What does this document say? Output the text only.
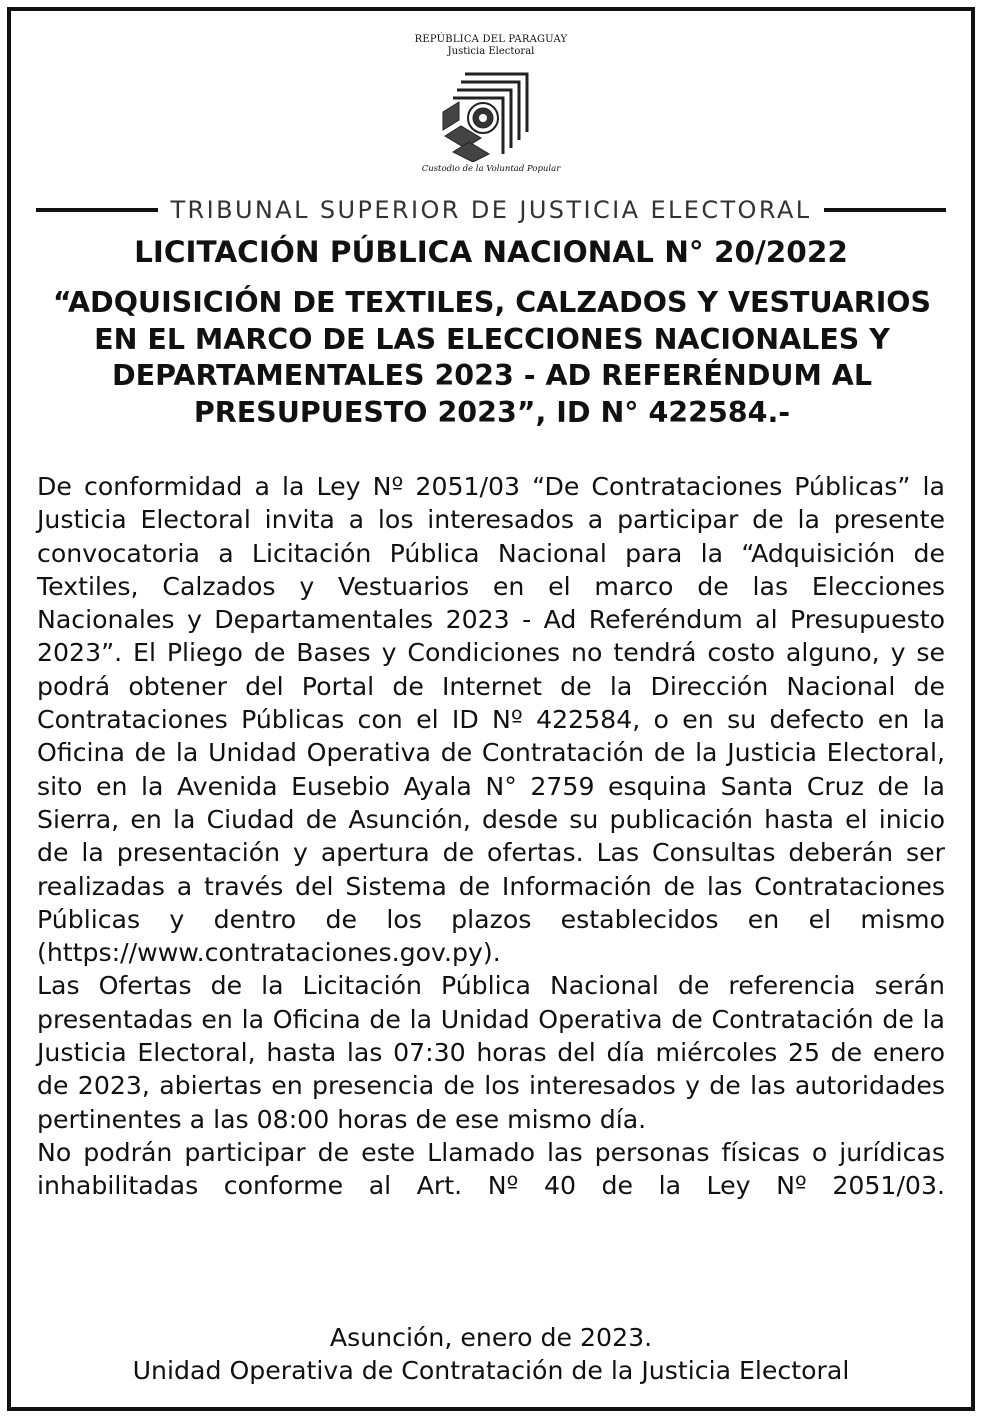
REPÚBLICA DEL PARAGUAY
Justicia Electoral
Custodio de la Voluntad Popular
TRIBUNAL SUPERIOR DE JUSTICIA ELECTORAL
LICITACIÓN PÚBLICA NACIONAL N° 20/2022
“ADQUISICIÓN DE TEXTILES, CALZADOS Y VESTUARIOS EN EL MARCO DE LAS ELECCIONES NACIONALES Y DEPARTAMENTALES 2023 - AD REFERÉNDUM AL PRESUPUESTO 2023”, ID N° 422584.-

De conformidad a la Ley Nº 2051/03 “De Contrataciones Públicas” la Justicia Electoral invita a los interesados a participar de la presente convocatoria a Licitación Pública Nacional para la “Adquisición de Textiles, Calzados y Vestuarios en el marco de las Elecciones Nacionales y Departamentales 2023 - Ad Referéndum al Presupuesto 2023”. El Pliego de Bases y Condiciones no tendrá costo alguno, y se podrá obtener del Portal de Internet de la Dirección Nacional de Contrataciones Públicas con el ID Nº 422584, o en su defecto en la Oficina de la Unidad Operativa de Contratación de la Justicia Electoral, sito en la Avenida Eusebio Ayala N° 2759 esquina Santa Cruz de la Sierra, en la Ciudad de Asunción, desde su publicación hasta el inicio de la presentación y apertura de ofertas. Las Consultas deberán ser realizadas a través del Sistema de Información de las Contrataciones Públicas y dentro de los plazos establecidos en el mismo (https://www.contrataciones.gov.py).

Las Ofertas de la Licitación Pública Nacional de referencia serán presentadas en la Oficina de la Unidad Operativa de Contratación de la Justicia Electoral, hasta las 07:30 horas del día miércoles 25 de enero de 2023, abiertas en presencia de los interesados y de las autoridades pertinentes a las 08:00 horas de ese mismo día.

No podrán participar de este Llamado las personas físicas o jurídicas inhabilitadas conforme al Art. Nº 40 de la Ley Nº 2051/03.

Asunción, enero de 2023.
Unidad Operativa de Contratación de la Justicia Electoral
